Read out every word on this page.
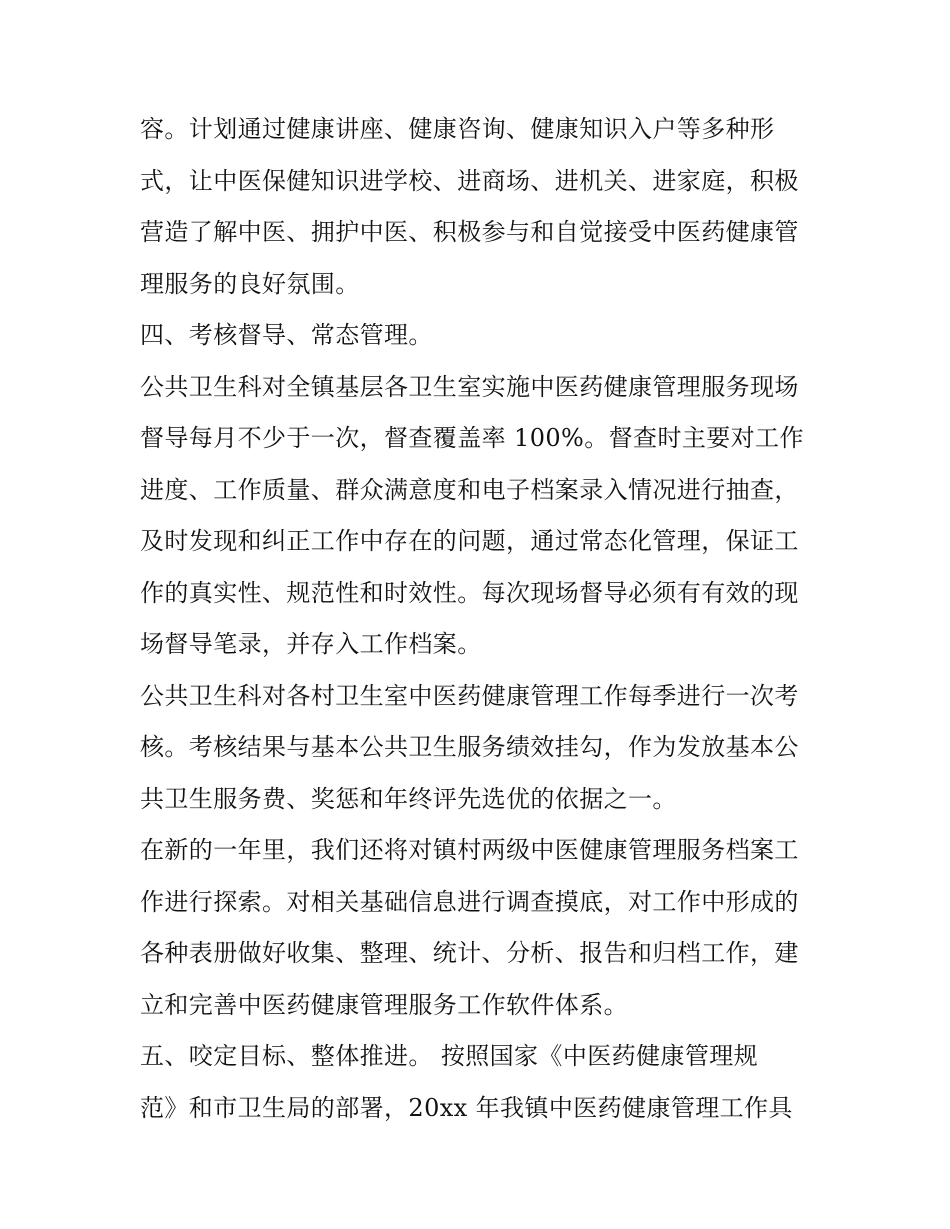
容。计划通过健康讲座、健康咨询、健康知识入户等多种形
式，让中医保健知识进学校、进商场、进机关、进家庭，积极
营造了解中医、拥护中医、积极参与和自觉接受中医药健康管
理服务的良好氛围。
四、考核督导、常态管理。
公共卫生科对全镇基层各卫生室实施中医药健康管理服务现场
督导每月不少于一次，督查覆盖率 100%。督查时主要对工作
进度、工作质量、群众满意度和电子档案录入情况进行抽查，
及时发现和纠正工作中存在的问题，通过常态化管理，保证工
作的真实性、规范性和时效性。每次现场督导必须有有效的现
场督导笔录，并存入工作档案。
公共卫生科对各村卫生室中医药健康管理工作每季进行一次考
核。考核结果与基本公共卫生服务绩效挂勾，作为发放基本公
共卫生服务费、奖惩和年终评先选优的依据之一。
在新的一年里，我们还将对镇村两级中医健康管理服务档案工
作进行探索。对相关基础信息进行调查摸底，对工作中形成的
各种表册做好收集、整理、统计、分析、报告和归档工作，建
立和完善中医药健康管理服务工作软件体系。
五、咬定目标、整体推进。 按照国家《中医药健康管理规
范》和市卫生局的部署，20xx 年我镇中医药健康管理工作具
